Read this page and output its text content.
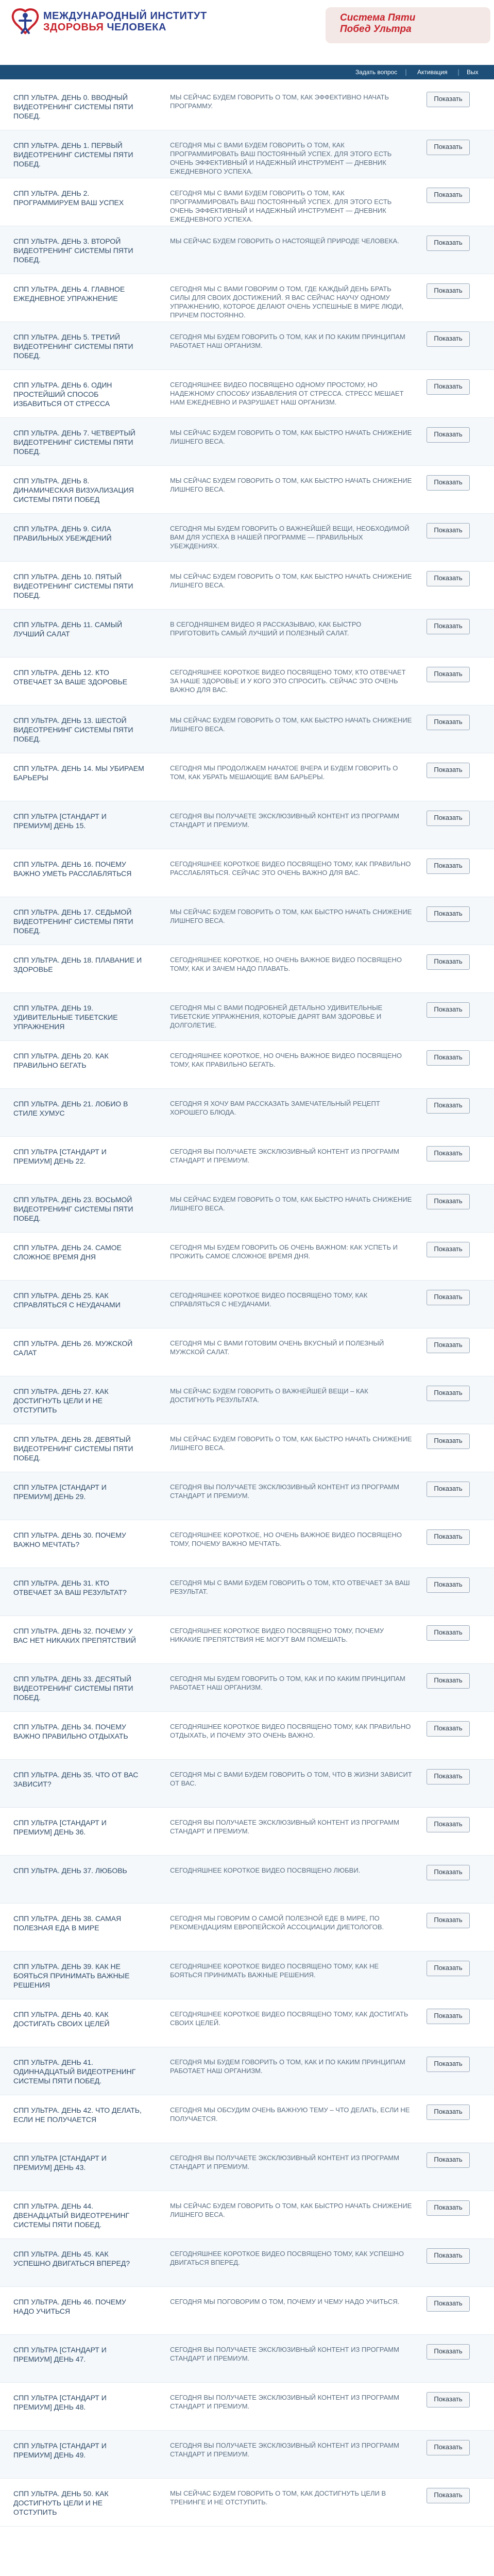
МЕЖДУНАРОДНЫЙ ИНСТИТУТ
ЗДОРОВЬЯ ЧЕЛОВЕКА
Система Пяти
Побед Ультра
Задать вопрос | Активация | Вых
СПП УЛЬТРА. ДЕНЬ 0. ВВОДНЫЙ ВИДЕОТРЕНИНГ СИСТЕМЫ ПЯТИ ПОБЕД.
МЫ СЕЙЧАС БУДЕМ ГОВОРИТЬ О ТОМ, КАК ЭФФЕКТИВНО НАЧАТЬ ПРОГРАММУ.
Показать
СПП УЛЬТРА. ДЕНЬ 1. ПЕРВЫЙ ВИДЕОТРЕНИНГ СИСТЕМЫ ПЯТИ ПОБЕД.
СЕГОДНЯ МЫ С ВАМИ БУДЕМ ГОВОРИТЬ О ТОМ, КАК ПРОГРАММИРОВАТЬ ВАШ ПОСТОЯННЫЙ УСПЕХ. ДЛЯ ЭТОГО ЕСТЬ ОЧЕНЬ ЭФФЕКТИВНЫЙ И НАДЕЖНЫЙ ИНСТРУМЕНТ — ДНЕВНИК ЕЖЕДНЕВНОГО УСПЕХА.
Показать
СПП УЛЬТРА. ДЕНЬ 2. ПРОГРАММИРУЕМ ВАШ УСПЕХ
СЕГОДНЯ МЫ С ВАМИ БУДЕМ ГОВОРИТЬ О ТОМ, КАК ПРОГРАММИРОВАТЬ ВАШ ПОСТОЯННЫЙ УСПЕХ. ДЛЯ ЭТОГО ЕСТЬ ОЧЕНЬ ЭФФЕКТИВНЫЙ И НАДЕЖНЫЙ ИНСТРУМЕНТ — ДНЕВНИК ЕЖЕДНЕВНОГО УСПЕХА.
Показать
СПП УЛЬТРА. ДЕНЬ 3. ВТОРОЙ ВИДЕОТРЕНИНГ СИСТЕМЫ ПЯТИ ПОБЕД.
МЫ СЕЙЧАС БУДЕМ ГОВОРИТЬ О НАСТОЯЩЕЙ ПРИРОДЕ ЧЕЛОВЕКА.	Показать
СПП УЛЬТРА. ДЕНЬ 4. ГЛАВНОЕ ЕЖЕДНЕВНОЕ УПРАЖНЕНИЕ
СЕГОДНЯ МЫ С ВАМИ ГОВОРИМ О ТОМ, ГДЕ КАЖДЫЙ ДЕНЬ БРАТЬ СИЛЫ ДЛЯ СВОИХ ДОСТИЖЕНИЙ. Я ВАС СЕЙЧАС НАУЧУ ОДНОМУ УПРАЖНЕНИЮ, КОТОРОЕ ДЕЛАЮТ ОЧЕНЬ УСПЕШНЫЕ В МИРЕ ЛЮДИ, ПРИЧЕМ ПОСТОЯННО.
Показать
СПП УЛЬТРА. ДЕНЬ 5. ТРЕТИЙ ВИДЕОТРЕНИНГ СИСТЕМЫ ПЯТИ ПОБЕД.
СЕГОДНЯ МЫ БУДЕМ ГОВОРИТЬ О ТОМ, КАК И ПО КАКИМ ПРИНЦИПАМ РАБОТАЕТ НАШ ОРГАНИЗМ.
Показать
СПП УЛЬТРА. ДЕНЬ 6. ОДИН ПРОСТЕЙШИЙ СПОСОБ ИЗБАВИТЬСЯ ОТ СТРЕССА
СЕГОДНЯШНЕЕ ВИДЕО ПОСВЯЩЕНО ОДНОМУ ПРОСТОМУ, НО НАДЕЖНОМУ СПОСОБУ ИЗБАВЛЕНИЯ ОТ СТРЕССА. СТРЕСС МЕШАЕТ НАМ ЕЖЕДНЕВНО И РАЗРУШАЕТ НАШ ОРГАНИЗМ.
Показать
СПП УЛЬТРА. ДЕНЬ 7. ЧЕТВЕРТЫЙ ВИДЕОТРЕНИНГ СИСТЕМЫ ПЯТИ ПОБЕД.
МЫ СЕЙЧАС БУДЕМ ГОВОРИТЬ О ТОМ, КАК БЫСТРО НАЧАТЬ СНИЖЕНИЕ ЛИШНЕГО ВЕСА.
Показать
СПП УЛЬТРА. ДЕНЬ 8. ДИНАМИЧЕСКАЯ ВИЗУАЛИЗАЦИЯ СИСТЕМЫ ПЯТИ ПОБЕД
МЫ СЕЙЧАС БУДЕМ ГОВОРИТЬ О ТОМ, КАК БЫСТРО НАЧАТЬ СНИЖЕНИЕ ЛИШНЕГО ВЕСА.
Показать
СПП УЛЬТРА. ДЕНЬ 9. СИЛА ПРАВИЛЬНЫХ УБЕЖДЕНИЙ
СЕГОДНЯ МЫ БУДЕМ ГОВОРИТЬ О ВАЖНЕЙШЕЙ ВЕЩИ, НЕОБХОДИМОЙ ВАМ ДЛЯ УСПЕХА В НАШЕЙ ПРОГРАММЕ — ПРАВИЛЬНЫХ УБЕЖДЕНИЯХ.
Показать
СПП УЛЬТРА. ДЕНЬ 10. ПЯТЫЙ ВИДЕОТРЕНИНГ СИСТЕМЫ ПЯТИ ПОБЕД.
МЫ СЕЙЧАС БУДЕМ ГОВОРИТЬ О ТОМ, КАК БЫСТРО НАЧАТЬ СНИЖЕНИЕ ЛИШНЕГО ВЕСА.
Показать
СПП УЛЬТРА. ДЕНЬ 11. САМЫЙ ЛУЧШИЙ САЛАТ
В СЕГОДНЯШНЕМ ВИДЕО Я РАССКАЗЫВАЮ, КАК БЫСТРО ПРИГОТОВИТЬ САМЫЙ ЛУЧШИЙ И ПОЛЕЗНЫЙ САЛАТ.
Показать
СПП УЛЬТРА. ДЕНЬ 12. КТО ОТВЕЧАЕТ ЗА ВАШЕ ЗДОРОВЬЕ
СЕГОДНЯШНЕЕ КОРОТКОЕ ВИДЕО ПОСВЯЩЕНО ТОМУ, КТО ОТВЕЧАЕТ ЗА НАШЕ ЗДОРОВЬЕ И У КОГО ЭТО СПРОСИТЬ. СЕЙЧАС ЭТО ОЧЕНЬ ВАЖНО ДЛЯ ВАС.
Показать
СПП УЛЬТРА. ДЕНЬ 13. ШЕСТОЙ ВИДЕОТРЕНИНГ СИСТЕМЫ ПЯТИ ПОБЕД.
МЫ СЕЙЧАС БУДЕМ ГОВОРИТЬ О ТОМ, КАК БЫСТРО НАЧАТЬ СНИЖЕНИЕ ЛИШНЕГО ВЕСА.
Показать
СПП УЛЬТРА. ДЕНЬ 14. МЫ УБИРАЕМ БАРЬЕРЫ
СЕГОДНЯ МЫ ПРОДОЛЖАЕМ НАЧАТОЕ ВЧЕРА И БУДЕМ ГОВОРИТЬ О ТОМ, КАК УБРАТЬ МЕШАЮЩИЕ ВАМ БАРЬЕРЫ.
Показать
СПП УЛЬТРА [СТАНДАРТ И ПРЕМИУМ] ДЕНЬ 15.
СЕГОДНЯ ВЫ ПОЛУЧАЕТЕ ЭКСКЛЮЗИВНЫЙ КОНТЕНТ ИЗ ПРОГРАММ СТАНДАРТ И ПРЕМИУМ.
Показать
СПП УЛЬТРА. ДЕНЬ 16. ПОЧЕМУ ВАЖНО УМЕТЬ РАССЛАБЛЯТЬСЯ
СЕГОДНЯШНЕЕ КОРОТКОЕ ВИДЕО ПОСВЯЩЕНО ТОМУ, КАК ПРАВИЛЬНО РАССЛАБЛЯТЬСЯ. СЕЙЧАС ЭТО ОЧЕНЬ ВАЖНО ДЛЯ ВАС.
Показать
СПП УЛЬТРА. ДЕНЬ 17. СЕДЬМОЙ ВИДЕОТРЕНИНГ СИСТЕМЫ ПЯТИ ПОБЕД.
МЫ СЕЙЧАС БУДЕМ ГОВОРИТЬ О ТОМ, КАК БЫСТРО НАЧАТЬ СНИЖЕНИЕ ЛИШНЕГО ВЕСА.
Показать
СПП УЛЬТРА. ДЕНЬ 18. ПЛАВАНИЕ И ЗДОРОВЬЕ
СЕГОДНЯШНЕЕ КОРОТКОЕ, НО ОЧЕНЬ ВАЖНОЕ ВИДЕО ПОСВЯЩЕНО ТОМУ, КАК И ЗАЧЕМ НАДО ПЛАВАТЬ.
Показать
СПП УЛЬТРА. ДЕНЬ 19. УДИВИТЕЛЬНЫЕ ТИБЕТСКИЕ УПРАЖНЕНИЯ
СЕГОДНЯ МЫ С ВАМИ ПОДРОБНЕЙ ДЕТАЛЬНО УДИВИТЕЛЬНЫЕ ТИБЕТСКИЕ УПРАЖНЕНИЯ, КОТОРЫЕ ДАРЯТ ВАМ ЗДОРОВЬЕ И ДОЛГОЛЕТИЕ.
Показать
СПП УЛЬТРА. ДЕНЬ 20. КАК ПРАВИЛЬНО БЕГАТЬ
СЕГОДНЯШНЕЕ КОРОТКОЕ, НО ОЧЕНЬ ВАЖНОЕ ВИДЕО ПОСВЯЩЕНО ТОМУ, КАК ПРАВИЛЬНО БЕГАТЬ.
Показать
СПП УЛЬТРА. ДЕНЬ 21. ЛОБИО В СТИЛЕ ХУМУС
СЕГОДНЯ Я ХОЧУ ВАМ РАССКАЗАТЬ ЗАМЕЧАТЕЛЬНЫЙ РЕЦЕПТ ХОРОШЕГО БЛЮДА.
Показать
СПП УЛЬТРА [СТАНДАРТ И ПРЕМИУМ] ДЕНЬ 22.
СЕГОДНЯ ВЫ ПОЛУЧАЕТЕ ЭКСКЛЮЗИВНЫЙ КОНТЕНТ ИЗ ПРОГРАММ СТАНДАРТ И ПРЕМИУМ.
Показать
СПП УЛЬТРА. ДЕНЬ 23. ВОСЬМОЙ ВИДЕОТРЕНИНГ СИСТЕМЫ ПЯТИ ПОБЕД.
МЫ СЕЙЧАС БУДЕМ ГОВОРИТЬ О ТОМ, КАК БЫСТРО НАЧАТЬ СНИЖЕНИЕ ЛИШНЕГО ВЕСА.
Показать
СПП УЛЬТРА. ДЕНЬ 24. САМОЕ СЛОЖНОЕ ВРЕМЯ ДНЯ
СЕГОДНЯ МЫ БУДЕМ ГОВОРИТЬ ОБ ОЧЕНЬ ВАЖНОМ: КАК УСПЕТЬ И ПРОЖИТЬ САМОЕ СЛОЖНОЕ ВРЕМЯ ДНЯ.
Показать
СПП УЛЬТРА. ДЕНЬ 25. КАК СПРАВЛЯТЬСЯ С НЕУДАЧАМИ
СЕГОДНЯШНЕЕ КОРОТКОЕ ВИДЕО ПОСВЯЩЕНО ТОМУ, КАК СПРАВЛЯТЬСЯ С НЕУДАЧАМИ.
Показать
СПП УЛЬТРА. ДЕНЬ 26. МУЖСКОЙ САЛАТ
СЕГОДНЯ МЫ С ВАМИ ГОТОВИМ ОЧЕНЬ ВКУСНЫЙ И ПОЛЕЗНЫЙ МУЖСКОЙ САЛАТ.
Показать
СПП УЛЬТРА. ДЕНЬ 27. КАК ДОСТИГНУТЬ ЦЕЛИ И НЕ ОТСТУПИТЬ
МЫ СЕЙЧАС БУДЕМ ГОВОРИТЬ О ВАЖНЕЙШЕЙ ВЕЩИ – КАК ДОСТИГНУТЬ РЕЗУЛЬТАТА.
Показать
СПП УЛЬТРА. ДЕНЬ 28. ДЕВЯТЫЙ ВИДЕОТРЕНИНГ СИСТЕМЫ ПЯТИ ПОБЕД.
МЫ СЕЙЧАС БУДЕМ ГОВОРИТЬ О ТОМ, КАК БЫСТРО НАЧАТЬ СНИЖЕНИЕ ЛИШНЕГО ВЕСА.
Показать
СПП УЛЬТРА [СТАНДАРТ И ПРЕМИУМ] ДЕНЬ 29.
СЕГОДНЯ ВЫ ПОЛУЧАЕТЕ ЭКСКЛЮЗИВНЫЙ КОНТЕНТ ИЗ ПРОГРАММ СТАНДАРТ И ПРЕМИУМ.
Показать
СПП УЛЬТРА. ДЕНЬ 30. ПОЧЕМУ ВАЖНО МЕЧТАТЬ?
СЕГОДНЯШНЕЕ КОРОТКОЕ, НО ОЧЕНЬ ВАЖНОЕ ВИДЕО ПОСВЯЩЕНО ТОМУ, ПОЧЕМУ ВАЖНО МЕЧТАТЬ.
Показать
СПП УЛЬТРА. ДЕНЬ 31. КТО ОТВЕЧАЕТ ЗА ВАШ РЕЗУЛЬТАТ?
СЕГОДНЯ МЫ С ВАМИ БУДЕМ ГОВОРИТЬ О ТОМ, КТО ОТВЕЧАЕТ ЗА ВАШ РЕЗУЛЬТАТ.
Показать
СПП УЛЬТРА. ДЕНЬ 32. ПОЧЕМУ У ВАС НЕТ НИКАКИХ ПРЕПЯТСТВИЙ
СЕГОДНЯШНЕЕ КОРОТКОЕ ВИДЕО ПОСВЯЩЕНО ТОМУ, ПОЧЕМУ НИКАКИЕ ПРЕПЯТСТВИЯ НЕ МОГУТ ВАМ ПОМЕШАТЬ.
Показать
СПП УЛЬТРА. ДЕНЬ 33. ДЕСЯТЫЙ ВИДЕОТРЕНИНГ СИСТЕМЫ ПЯТИ ПОБЕД.
СЕГОДНЯ МЫ БУДЕМ ГОВОРИТЬ О ТОМ, КАК И ПО КАКИМ ПРИНЦИПАМ РАБОТАЕТ НАШ ОРГАНИЗМ.
Показать
СПП УЛЬТРА. ДЕНЬ 34. ПОЧЕМУ ВАЖНО ПРАВИЛЬНО ОТДЫХАТЬ
СЕГОДНЯШНЕЕ КОРОТКОЕ ВИДЕО ПОСВЯЩЕНО ТОМУ, КАК ПРАВИЛЬНО ОТДЫХАТЬ, И ПОЧЕМУ ЭТО ОЧЕНЬ ВАЖНО.
Показать
СПП УЛЬТРА. ДЕНЬ 35. ЧТО ОТ ВАС ЗАВИСИТ?
СЕГОДНЯ МЫ С ВАМИ БУДЕМ ГОВОРИТЬ О ТОМ, ЧТО В ЖИЗНИ ЗАВИСИТ ОТ ВАС.
Показать
СПП УЛЬТРА [СТАНДАРТ И ПРЕМИУМ] ДЕНЬ 36.
СЕГОДНЯ ВЫ ПОЛУЧАЕТЕ ЭКСКЛЮЗИВНЫЙ КОНТЕНТ ИЗ ПРОГРАММ СТАНДАРТ И ПРЕМИУМ.
Показать
СПП УЛЬТРА. ДЕНЬ 37. ЛЮБОВЬ	СЕГОДНЯШНЕЕ КОРОТКОЕ ВИДЕО ПОСВЯЩЕНО ЛЮБВИ.	Показать
СПП УЛЬТРА. ДЕНЬ 38. САМАЯ ПОЛЕЗНАЯ ЕДА В МИРЕ
СЕГОДНЯ МЫ ГОВОРИМ О САМОЙ ПОЛЕЗНОЙ ЕДЕ В МИРЕ, ПО РЕКОМЕНДАЦИЯМ ЕВРОПЕЙСКОЙ АССОЦИАЦИИ ДИЕТОЛОГОВ.
Показать
СПП УЛЬТРА. ДЕНЬ 39. КАК НЕ БОЯТЬСЯ ПРИНИМАТЬ ВАЖНЫЕ РЕШЕНИЯ
СЕГОДНЯШНЕЕ КОРОТКОЕ ВИДЕО ПОСВЯЩЕНО ТОМУ, КАК НЕ БОЯТЬСЯ ПРИНИМАТЬ ВАЖНЫЕ РЕШЕНИЯ.
Показать
СПП УЛЬТРА. ДЕНЬ 40. КАК ДОСТИГАТЬ СВОИХ ЦЕЛЕЙ
СЕГОДНЯШНЕЕ КОРОТКОЕ ВИДЕО ПОСВЯЩЕНО ТОМУ, КАК ДОСТИГАТЬ СВОИХ ЦЕЛЕЙ.
Показать
СПП УЛЬТРА. ДЕНЬ 41. ОДИННАДЦАТЫЙ ВИДЕОТРЕНИНГ СИСТЕМЫ ПЯТИ ПОБЕД.
СЕГОДНЯ МЫ БУДЕМ ГОВОРИТЬ О ТОМ, КАК И ПО КАКИМ ПРИНЦИПАМ РАБОТАЕТ НАШ ОРГАНИЗМ.
Показать
СПП УЛЬТРА. ДЕНЬ 42. ЧТО ДЕЛАТЬ, ЕСЛИ НЕ ПОЛУЧАЕТСЯ
СЕГОДНЯ МЫ ОБСУДИМ ОЧЕНЬ ВАЖНУЮ ТЕМУ – ЧТО ДЕЛАТЬ, ЕСЛИ НЕ ПОЛУЧАЕТСЯ.
Показать
СПП УЛЬТРА [СТАНДАРТ И ПРЕМИУМ] ДЕНЬ 43.
СЕГОДНЯ ВЫ ПОЛУЧАЕТЕ ЭКСКЛЮЗИВНЫЙ КОНТЕНТ ИЗ ПРОГРАММ СТАНДАРТ И ПРЕМИУМ.
Показать
СПП УЛЬТРА. ДЕНЬ 44. ДВЕНАДЦАТЫЙ ВИДЕОТРЕНИНГ СИСТЕМЫ ПЯТИ ПОБЕД.
МЫ СЕЙЧАС БУДЕМ ГОВОРИТЬ О ТОМ, КАК БЫСТРО НАЧАТЬ СНИЖЕНИЕ ЛИШНЕГО ВЕСА.
Показать
СПП УЛЬТРА. ДЕНЬ 45. КАК УСПЕШНО ДВИГАТЬСЯ ВПЕРЕД?
СЕГОДНЯШНЕЕ КОРОТКОЕ ВИДЕО ПОСВЯЩЕНО ТОМУ, КАК УСПЕШНО ДВИГАТЬСЯ ВПЕРЕД.
Показать
СПП УЛЬТРА. ДЕНЬ 46. ПОЧЕМУ НАДО УЧИТЬСЯ
СЕГОДНЯ МЫ ПОГОВОРИМ О ТОМ, ПОЧЕМУ И ЧЕМУ НАДО УЧИТЬСЯ.	Показать
СПП УЛЬТРА [СТАНДАРТ И ПРЕМИУМ] ДЕНЬ 47.
СЕГОДНЯ ВЫ ПОЛУЧАЕТЕ ЭКСКЛЮЗИВНЫЙ КОНТЕНТ ИЗ ПРОГРАММ СТАНДАРТ И ПРЕМИУМ.
Показать
СПП УЛЬТРА [СТАНДАРТ И ПРЕМИУМ] ДЕНЬ 48.
СЕГОДНЯ ВЫ ПОЛУЧАЕТЕ ЭКСКЛЮЗИВНЫЙ КОНТЕНТ ИЗ ПРОГРАММ СТАНДАРТ И ПРЕМИУМ.
Показать
СПП УЛЬТРА [СТАНДАРТ И ПРЕМИУМ] ДЕНЬ 49.
СЕГОДНЯ ВЫ ПОЛУЧАЕТЕ ЭКСКЛЮЗИВНЫЙ КОНТЕНТ ИЗ ПРОГРАММ СТАНДАРТ И ПРЕМИУМ.
Показать
СПП УЛЬТРА. ДЕНЬ 50. КАК ДОСТИГНУТЬ ЦЕЛИ И НЕ ОТСТУПИТЬ
МЫ СЕЙЧАС БУДЕМ ГОВОРИТЬ О ТОМ, КАК ДОСТИГНУТЬ ЦЕЛИ В ТРЕНИНГЕ И НЕ ОТСТУПИТЬ.
Показать
